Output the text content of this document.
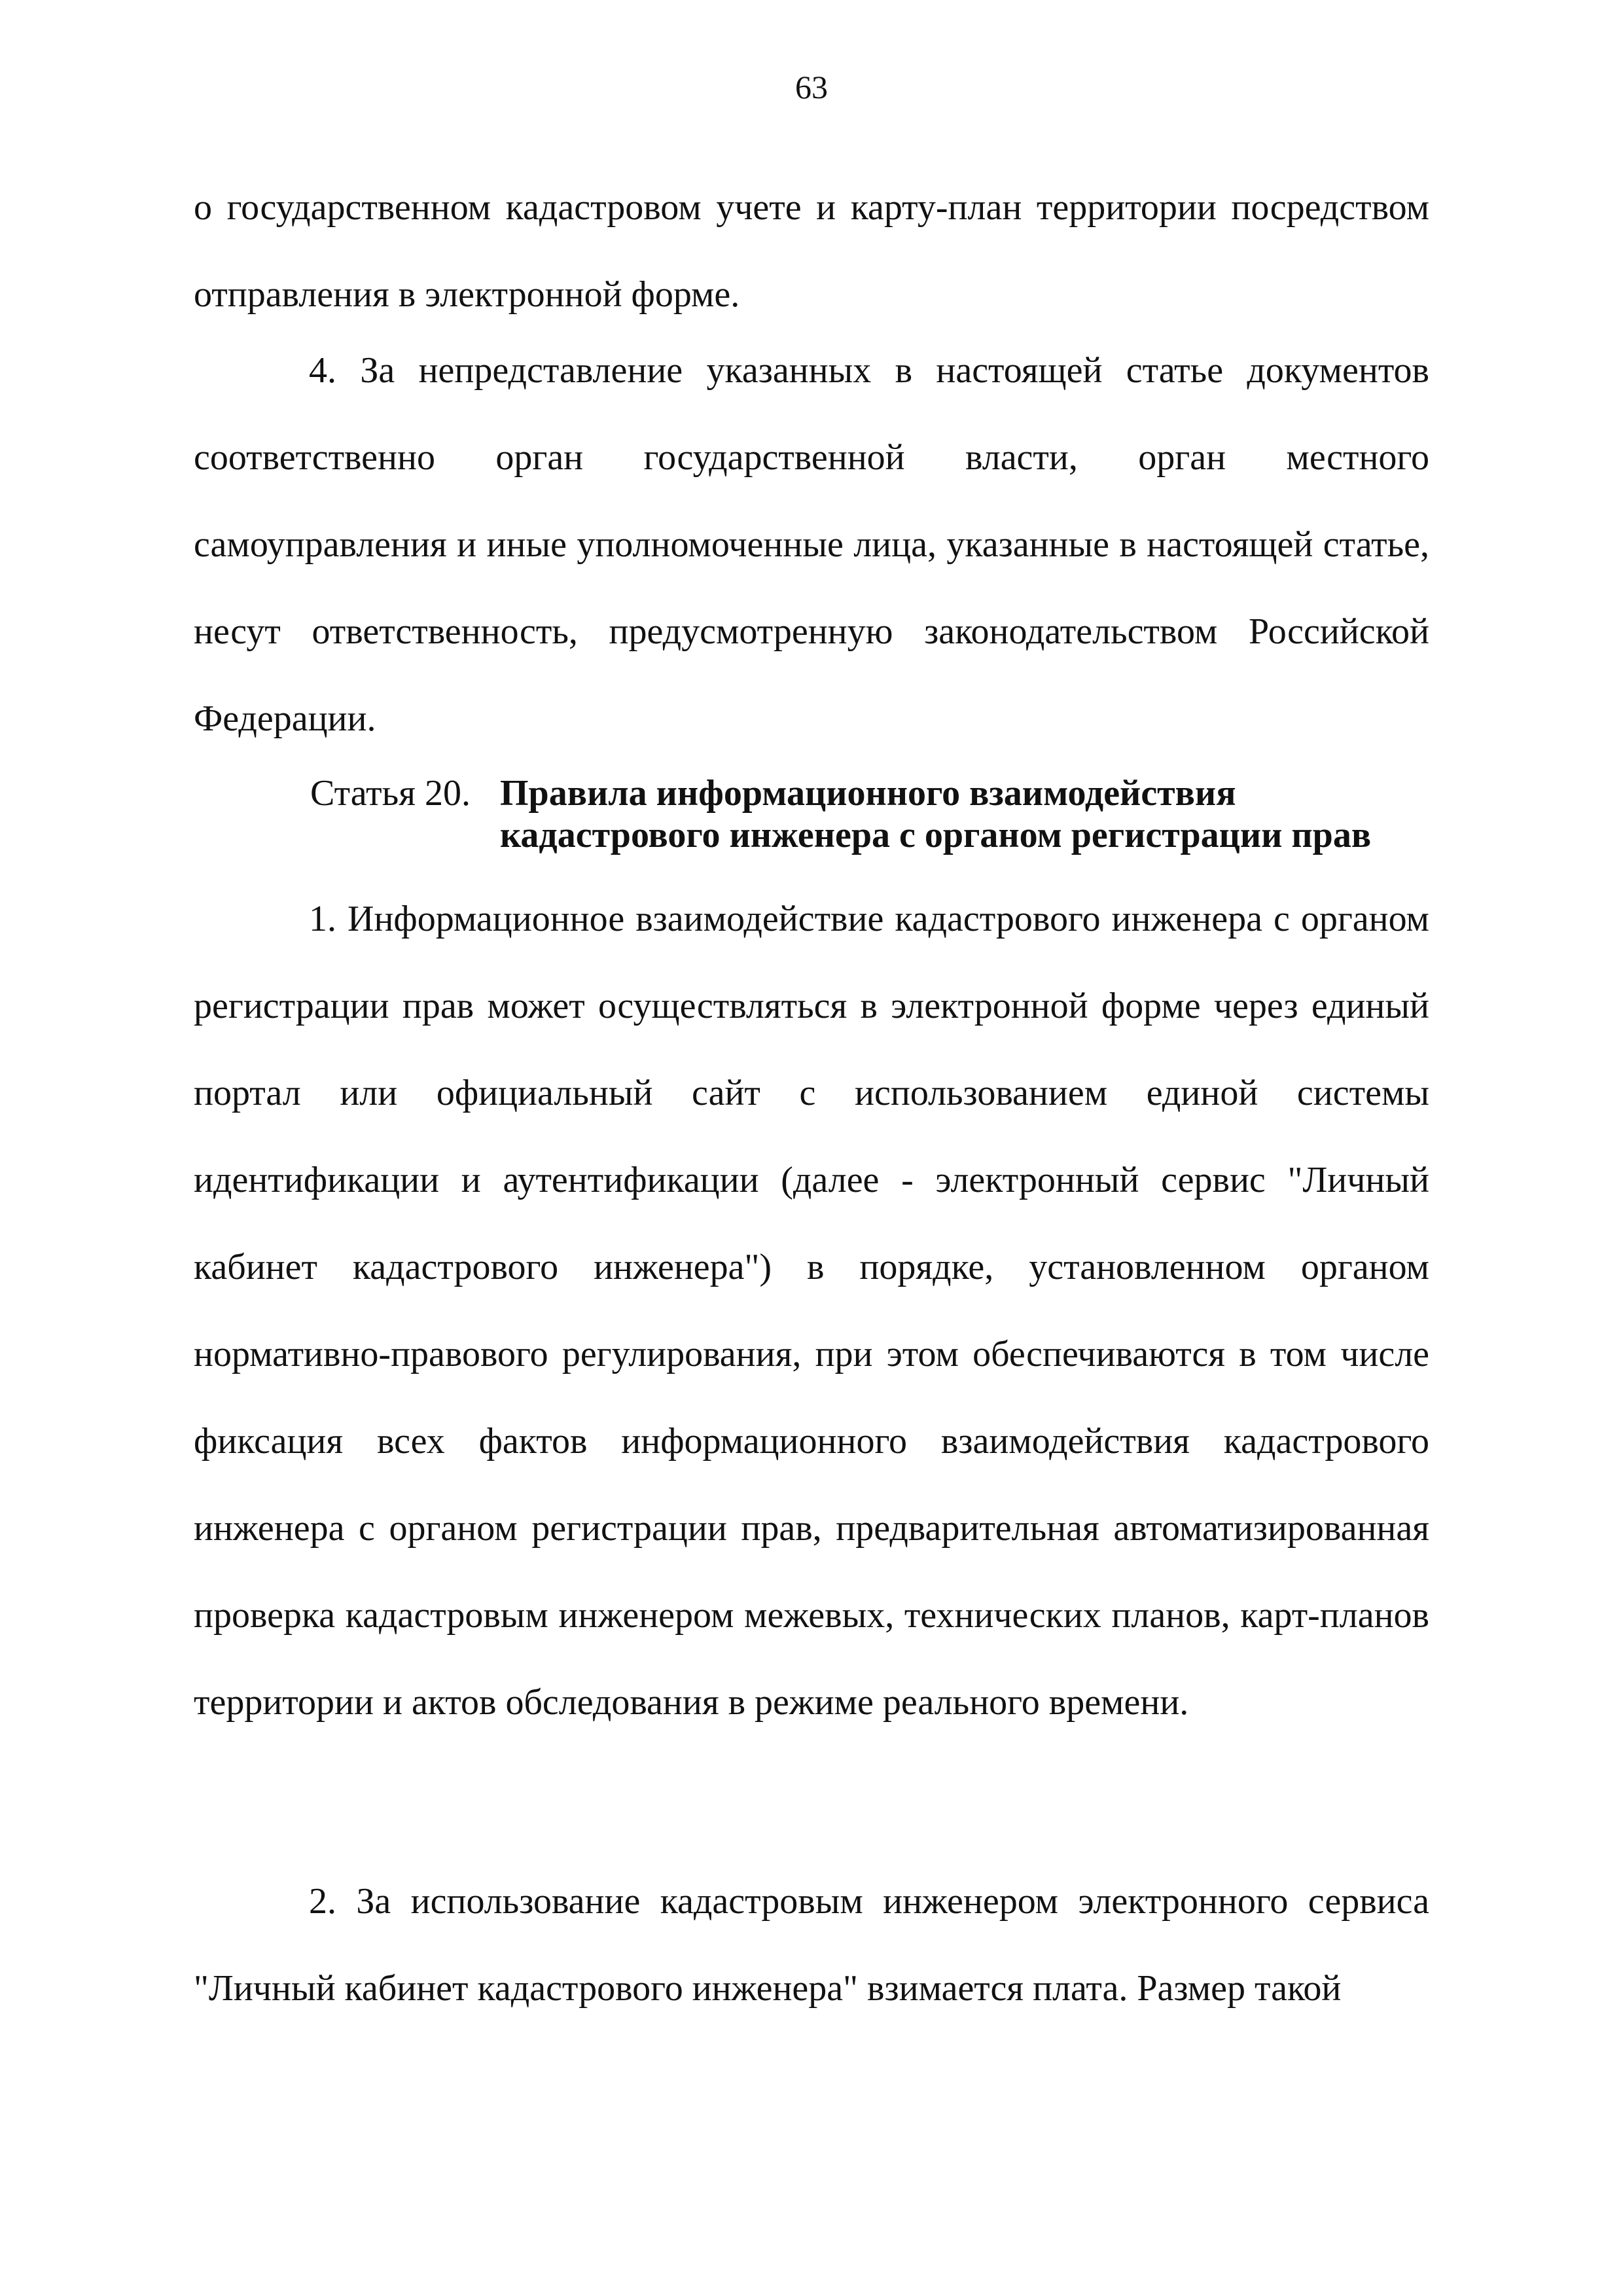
63

о государственном кадастровом учете и карту-план территории посредством отправления в электронной форме.

4. За непредставление указанных в настоящей статье документов соответственно орган государственной власти, орган местного самоуправления и иные уполномоченные лица, указанные в настоящей статье, несут ответственность, предусмотренную законодательством Российской Федерации.

Статья 20. Правила информационного взаимодействия
кадастрового инженера с органом регистрации прав

1. Информационное взаимодействие кадастрового инженера с органом регистрации прав может осуществляться в электронной форме через единый портал или официальный сайт с использованием единой системы идентификации и аутентификации (далее - электронный сервис "Личный кабинет кадастрового инженера") в порядке, установленном органом нормативно-правового регулирования, при этом обеспечиваются в том числе фиксация всех фактов информационного взаимодействия кадастрового инженера с органом регистрации прав, предварительная автоматизированная проверка кадастровым инженером межевых, технических планов, карт-планов территории и актов обследования в режиме реального времени.

2. За использование кадастровым инженером электронного сервиса "Личный кабинет кадастрового инженера" взимается плата. Размер такой
